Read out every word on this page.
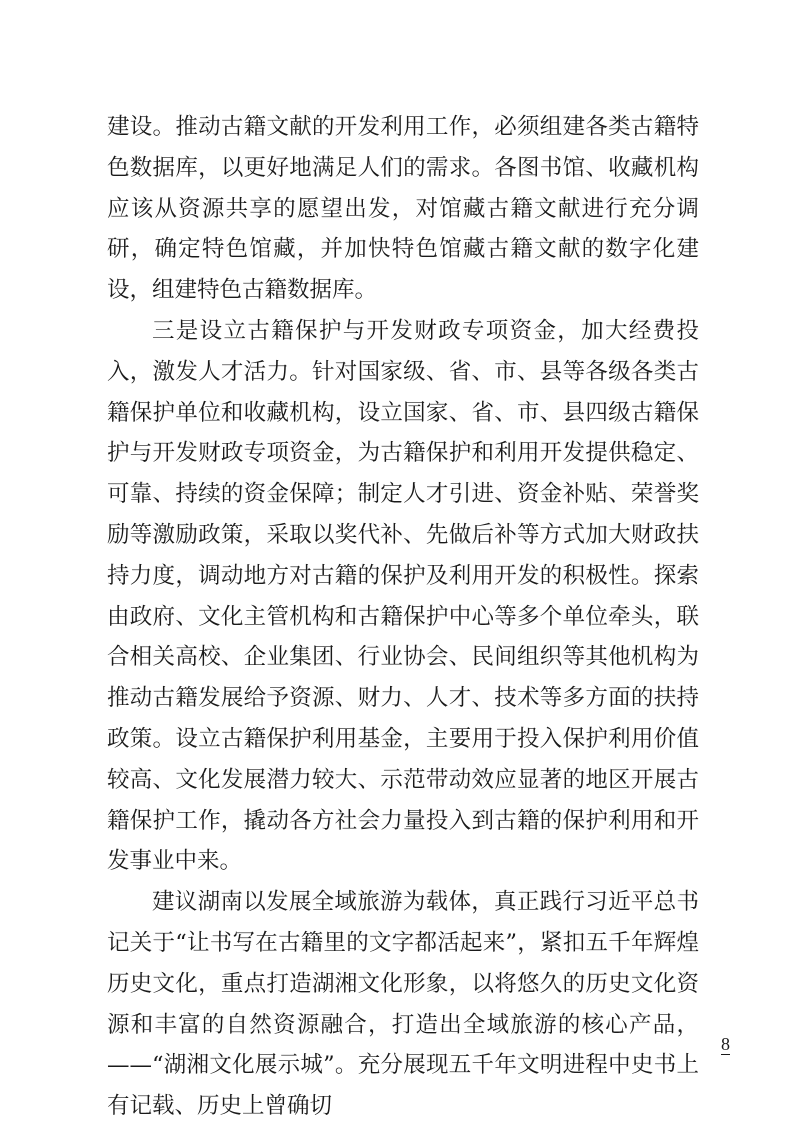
建设。推动古籍文献的开发利用工作，必须组建各类古籍特色数据库，以更好地满足人们的需求。各图书馆、收藏机构应该从资源共享的愿望出发，对馆藏古籍文献进行充分调研，确定特色馆藏，并加快特色馆藏古籍文献的数字化建设，组建特色古籍数据库。

三是设立古籍保护与开发财政专项资金，加大经费投入，激发人才活力。针对国家级、省、市、县等各级各类古籍保护单位和收藏机构，设立国家、省、市、县四级古籍保护与开发财政专项资金，为古籍保护和利用开发提供稳定、可靠、持续的资金保障；制定人才引进、资金补贴、荣誉奖励等激励政策，采取以奖代补、先做后补等方式加大财政扶持力度，调动地方对古籍的保护及利用开发的积极性。探索由政府、文化主管机构和古籍保护中心等多个单位牵头，联合相关高校、企业集团、行业协会、民间组织等其他机构为推动古籍发展给予资源、财力、人才、技术等多方面的扶持政策。设立古籍保护利用基金，主要用于投入保护利用价值较高、文化发展潜力较大、示范带动效应显著的地区开展古籍保护工作，撬动各方社会力量投入到古籍的保护利用和开发事业中来。

建议湖南以发展全域旅游为载体，真正践行习近平总书记关于“让书写在古籍里的文字都活起来”，紧扣五千年辉煌历史文化，重点打造湖湘文化形象，以将悠久的历史文化资源和丰富的自然资源融合，打造出全域旅游的核心产品，——“湖湘文化展示城”。充分展现五千年文明进程中史书上有记载、历史上曾确切

8
